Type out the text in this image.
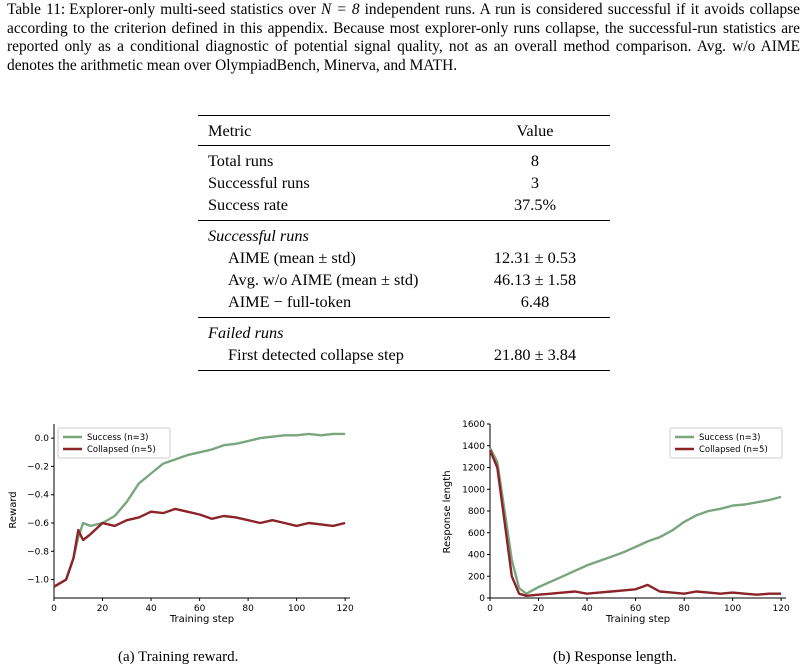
Table 11: Explorer-only multi-seed statistics over N = 8 independent runs. A run is considered successful if it avoids collapse according to the criterion defined in this appendix. Because most explorer-only runs collapse, the successful-run statistics are reported only as a conditional diagnostic of potential signal quality, not as an overall method comparison. Avg. w/o AIME denotes the arithmetic mean over OlympiadBench, Minerva, and MATH.
Metric	Value
Total runs	8
Successful runs	3
Success rate	37.5%
Successful runs	
AIME (mean ± std)	12.31 ± 0.53
Avg. w/o AIME (mean ± std)	46.13 ± 1.58
AIME − full-token	6.48
Failed runs	
First detected collapse step	21.80 ± 3.84
0	20	40	60	80	100	120
0.0
−0.2
−0.4
−0.6
−0.8
−1.0
Training step
Reward
Success (n=3)
Collapsed (n=5)
0	20	40	60	80	100	120
0
200
400
600
800
1000
1200
1400
1600
Training step
Response length
Success (n=3)
Collapsed (n=5)
(a) Training reward.	(b) Response length.
